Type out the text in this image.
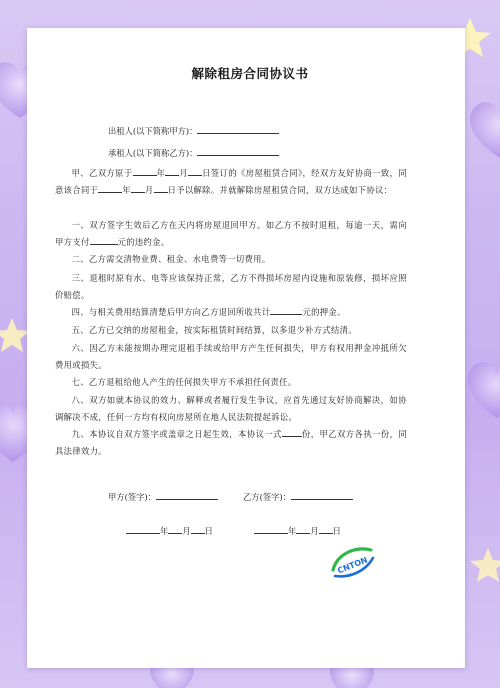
解除租房合同协议书
出租人(以下简称甲方)：
承租人(以下简称乙方)：
甲、乙双方原于	年 月 日签订的《房屋租赁合同》，经双方友好协商一致，同意该合同于	年 月 日予以解除。并就解除房屋租赁合同，双方达成如下协议：
一、双方签字生效后乙方在天内将房屋退回甲方。如乙方不按时退租，每逾一天，需向甲方支付	元的违约金。
二、乙方需交清物业费、租金、水电费等一切费用。
三、退租时原有水、电等应该保持正常，乙方不得损坏房屋内设施和原装修，损坏应照价赔偿。
四、与相关费用结算清楚后甲方向乙方退回所收共计	元的押金。
五、乙方已交纳的房屋租金，按实际租赁时间结算，以多退少补方式结清。
六、因乙方未能按期办理完退租手续或给甲方产生任何损失，甲方有权用押金冲抵所欠费用或损失。
七、乙方退租给他人产生的任何损失甲方不承担任何责任。
八、双方如就本协议的效力、解释或者履行发生争议，应首先通过友好协商解决，如协调解决不成，任何一方均有权向房屋所在地人民法院提起诉讼。
九、本协议自双方签字或盖章之日起生效，本协议一式 份，甲乙双方各执一份，同具法律效力。
甲方(签字)：	乙方(签字)：
年 月 日	年 月 日
CNTON
